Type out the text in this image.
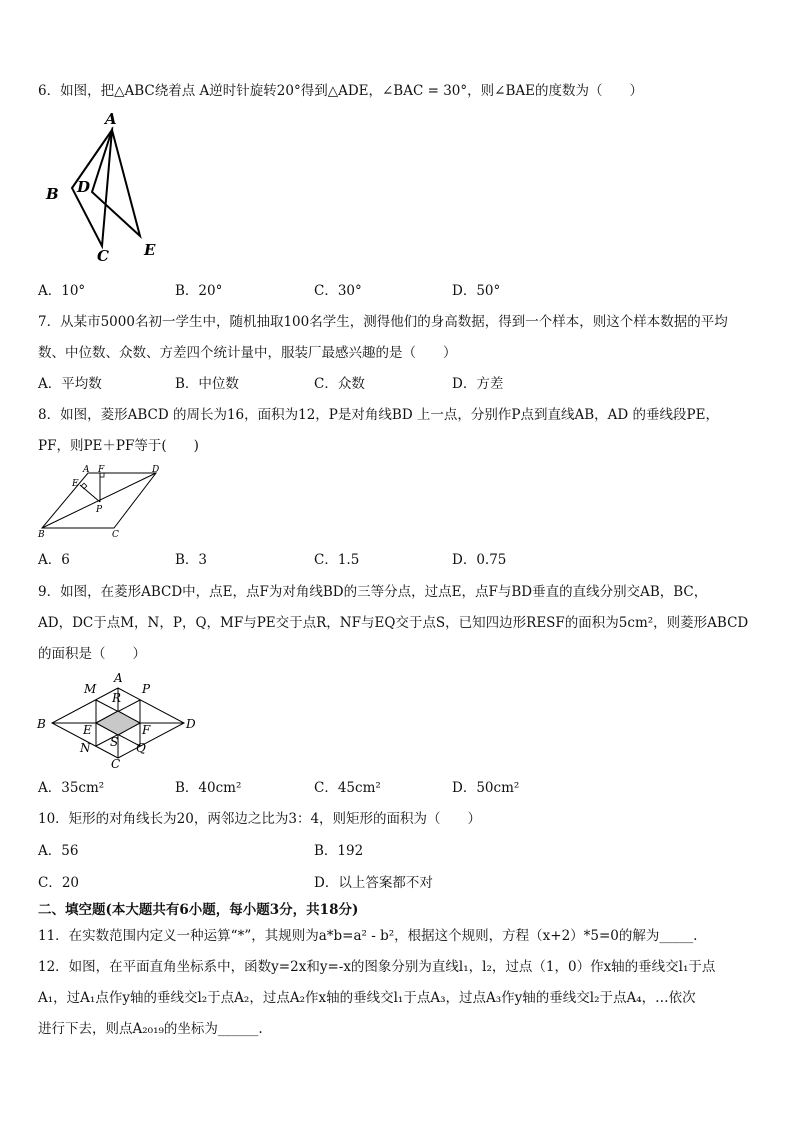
6．如图，把△ABC绕着点 A逆时针旋转20°得到△ADE，∠BAC = 30°，则∠BAE的度数为（　　）
A
B D
C E
A．10°	B．20°	C．30°	D．50°
7．从某市5000名初一学生中，随机抽取100名学生，测得他们的身高数据，得到一个样本，则这个样本数据的平均
数、中位数、众数、方差四个统计量中，服装厂最感兴趣的是（　　）
A．平均数	B．中位数	C．众数	D．方差
8．如图，菱形ABCD 的周长为16，面积为12，P是对角线BD 上一点，分别作P点到直线AB，AD 的垂线段PE，
PF，则PE＋PF等于(　　)
A F	D
E
P
B	C
A．6	B．3	C．1.5	D．0.75
9．如图，在菱形ABCD中，点E，点F为对角线BD的三等分点，过点E，点F与BD垂直的直线分别交AB，BC，
AD，DC于点M，N，P，Q，MF与PE交于点R，NF与EQ交于点S，已知四边形RESF的面积为5cm²，则菱形ABCD
的面积是（　　）
A
M	P
R
B	E	F	D
S
N	Q
C
A．35cm²	B．40cm²	C．45cm²	D．50cm²
10．矩形的对角线长为20，两邻边之比为3：4，则矩形的面积为（　　）
A．56	B．192
C．20	D．以上答案都不对
二、填空题(本大题共有6小题，每小题3分，共18分)
11．在实数范围内定义一种运算“*”，其规则为a*b=a² - b²，根据这个规则，方程（x+2）*5=0的解为_____.
12．如图，在平面直角坐标系中，函数y=2x和y=-x的图象分别为直线l₁，l₂，过点（1，0）作x轴的垂线交l₁于点
A₁，过A₁点作y轴的垂线交l₂于点A₂，过点A₂作x轴的垂线交l₁于点A₃，过点A₃作y轴的垂线交l₂于点A₄，…依次
进行下去，则点A₂₀₁₉的坐标为______.
